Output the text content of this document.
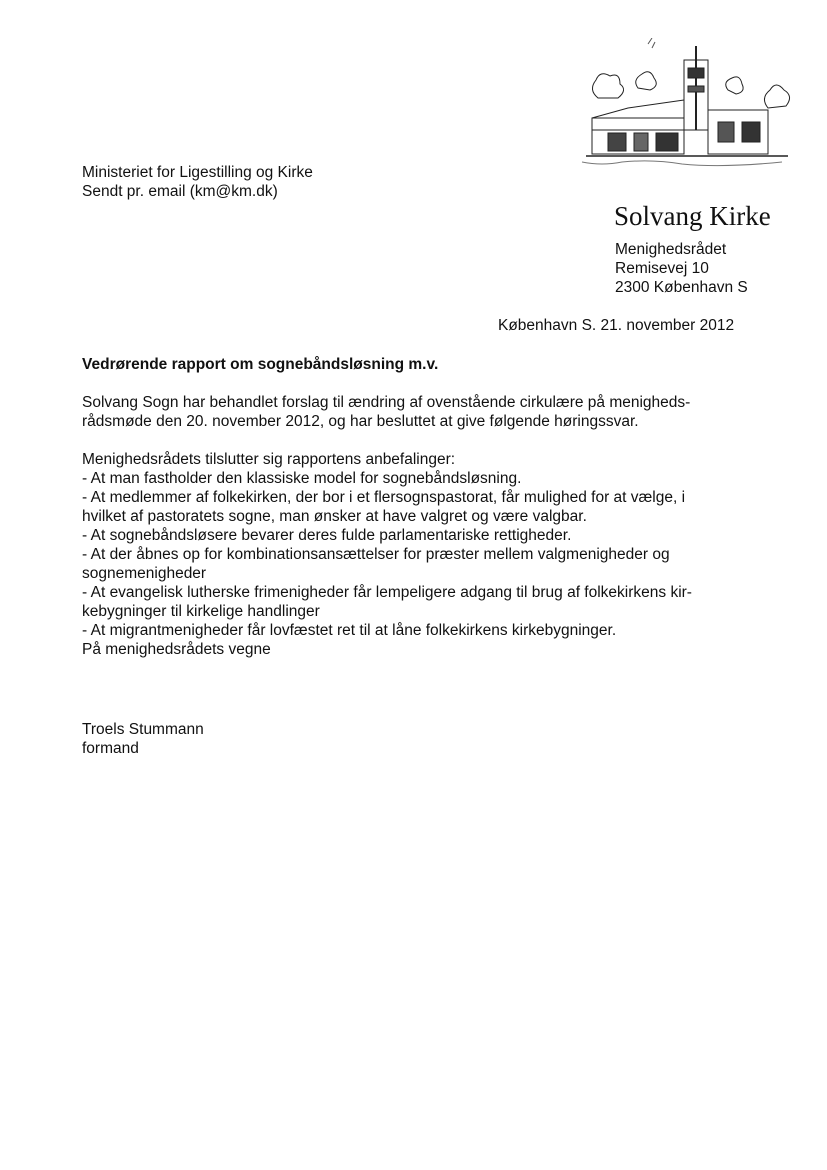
Ministeriet for Ligestilling og Kirke
Sendt pr. email (km@km.dk)
Solvang Kirke
Menighedsrådet
Remisevej 10
2300 København S
København S. 21. november 2012
Vedrørende rapport om sognebåndsløsning m.v.
Solvang Sogn har behandlet forslag til ændring af ovenstående cirkulære på menigheds-
rådsmøde den 20. november 2012, og har besluttet at give følgende høringssvar.
Menighedsrådets tilslutter sig rapportens anbefalinger:
- At man fastholder den klassiske model for sognebåndsløsning.
- At medlemmer af folkekirken, der bor i et flersognspastorat, får mulighed for at vælge, i
hvilket af pastoratets sogne, man ønsker at have valgret og være valgbar.
- At sognebåndsløsere bevarer deres fulde parlamentariske rettigheder.
- At der åbnes op for kombinationsansættelser for præster mellem valgmenigheder og
sognemenigheder
- At evangelisk lutherske frimenigheder får lempeligere adgang til brug af folkekirkens kir-
kebygninger til kirkelige handlinger
- At migrantmenigheder får lovfæstet ret til at låne folkekirkens kirkebygninger.
På menighedsrådets vegne
Troels Stummann
formand
